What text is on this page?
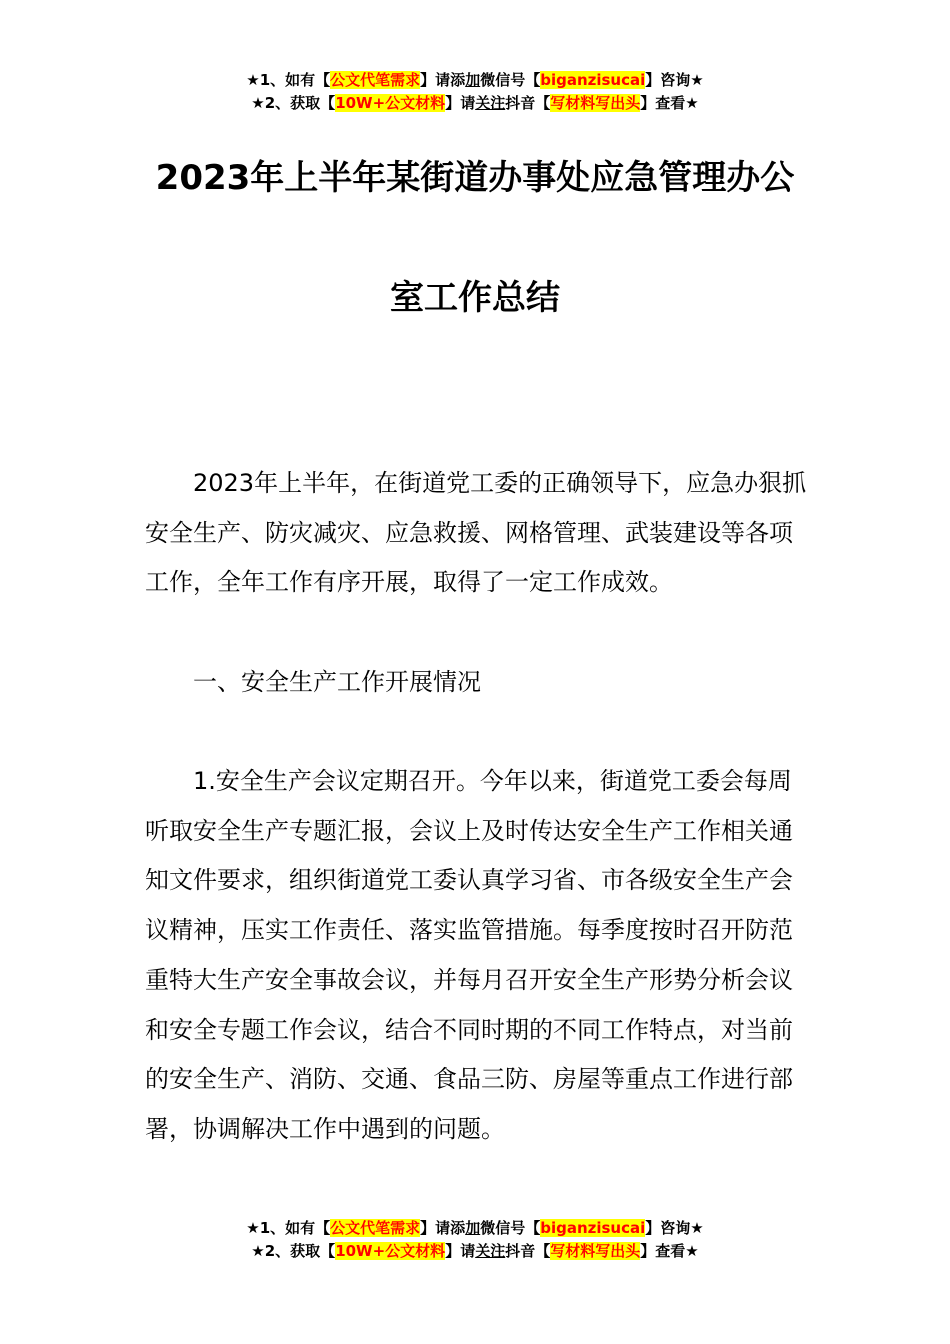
★1、如有【公文代笔需求】请添加微信号【biganzisucai】咨询★
★2、获取【10W+公文材料】请关注抖音【写材料写出头】查看★
2023年上半年某街道办事处应急管理办公
室工作总结

2023年上半年，在街道党工委的正确领导下，应急办狠抓安全生产、防灾减灾、应急救援、网格管理、武装建设等各项工作，全年工作有序开展，取得了一定工作成效。

一、安全生产工作开展情况

1.安全生产会议定期召开。今年以来，街道党工委会每周听取安全生产专题汇报，会议上及时传达安全生产工作相关通知文件要求，组织街道党工委认真学习省、市各级安全生产会议精神，压实工作责任、落实监管措施。每季度按时召开防范重特大生产安全事故会议，并每月召开安全生产形势分析会议和安全专题工作会议，结合不同时期的不同工作特点，对当前的安全生产、消防、交通、食品三防、房屋等重点工作进行部署，协调解决工作中遇到的问题。

★1、如有【公文代笔需求】请添加微信号【biganzisucai】咨询★
★2、获取【10W+公文材料】请关注抖音【写材料写出头】查看★
